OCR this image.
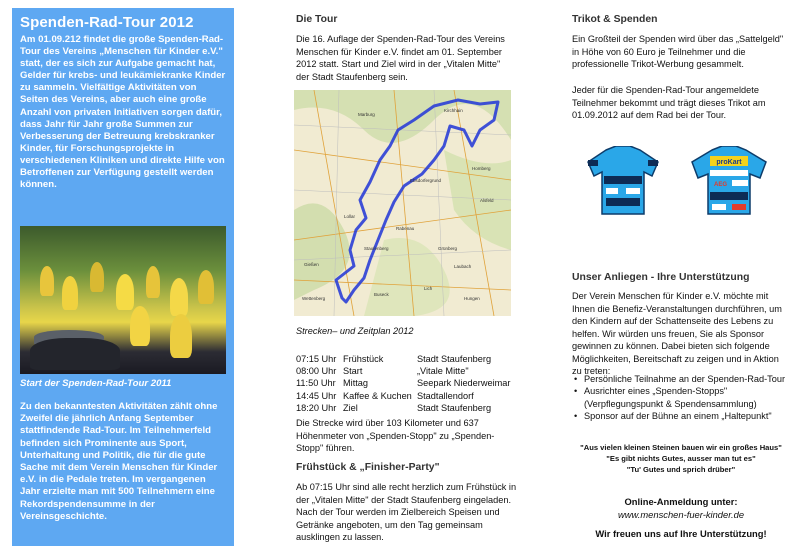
Spenden-Rad-Tour 2012

Am 01.09.212 findet die große Spenden-Rad-Tour des Vereins „Menschen für Kinder e.V." statt, der es sich zur Aufgabe gemacht hat, Gelder für krebs- und leukämiekranke Kinder zu sammeln. Vielfältige Aktivitäten von Seiten des Vereins, aber auch eine große Anzahl von privaten Initiativen sorgen dafür, dass Jahr für Jahr große Summen zur Verbesserung der Betreuung krebskranker Kinder, für Forschungsprojekte in verschiedenen Kliniken und direkte Hilfe von Betroffenen zur Verfügung gestellt werden können.

Start der Spenden-Rad-Tour 2011

Zu den bekanntesten Aktivitäten zählt ohne Zweifel die jährlich Anfang September stattfindende Rad-Tour. Im Teilnehmerfeld befinden sich Prominente aus Sport, Unterhaltung und Politik, die für die gute Sache mit dem Verein Menschen für Kinder e.V. in die Pedale treten. Im vergangenen Jahr erzielte man mit 500 Teilnehmern eine Rekordspendensumme in der Vereinsgeschichte.

Die Tour

Die 16. Auflage der Spenden-Rad-Tour des Vereins Menschen für Kinder e.V. findet am 01. September 2012 statt. Start und Ziel wird in der „Vitalen Mitte" der Stadt Staufenberg sein.

Marburg
Kirchhain
Homberg
Alsfeld
Ebsdorfergrund
Grünberg
Gießen	Laubach
Staufenberg
Rabenau
Lich
Hungen
Lollar
Buseck
Wettenberg
Strecken– und Zeitplan 2012
07:15 Uhr	Frühstück	Stadt Staufenberg
08:00 Uhr	Start	„Vitale Mitte"
11:50 Uhr	Mittag	Seepark Niederweimar
14:45 Uhr	Kaffee & Kuchen	Stadtallendorf
18:20 Uhr	Ziel	Stadt Staufenberg

Die Strecke wird über 103 Kilometer und 637 Höhenmeter von „Spenden-Stopp" zu „Spenden-Stopp" führen.

Frühstück & „Finisher-Party"

Ab 07:15 Uhr sind alle recht herzlich zum Frühstück in der „Vitalen Mitte" der Stadt Staufenberg eingeladen. Nach der Tour werden im Zielbereich Speisen und Getränke angeboten, um den Tag gemeinsam ausklingen zu lassen.

Trikot & Spenden

Ein Großteil der Spenden wird über das „Sattelgeld" in Höhe von 60 Euro je Teilnehmer und die professionelle Trikot-Werbung gesammelt.

Jeder für die Spenden-Rad-Tour angemeldete Teilnehmer bekommt und trägt dieses Trikot am 01.09.2012 auf dem Rad bei der Tour.

proKart
AEG
Unser Anliegen - Ihre Unterstützung

Der Verein Menschen für Kinder e.V. möchte mit Ihnen die Benefiz-Veranstaltungen durchführen, um den Kindern auf der Schattenseite des Lebens zu helfen. Wir würden uns freuen, Sie als Sponsor gewinnen zu können. Dabei bieten sich folgende Möglichkeiten, Bereitschaft zu zeigen und in Aktion zu treten:

• Persönliche Teilnahme an der Spenden-Rad-Tour
• Ausrichter eines „Spenden-Stopps" (Verpflegungspunkt & Spendensammlung)
• Sponsor auf der Bühne an einem „Haltepunkt"
"Aus vielen kleinen Steinen bauen wir ein großes Haus"
"Es gibt nichts Gutes, ausser man tut es"
"Tu' Gutes und sprich drüber"
Online-Anmeldung unter:
www.menschen-fuer-kinder.de
Wir freuen uns auf Ihre Unterstützung!
